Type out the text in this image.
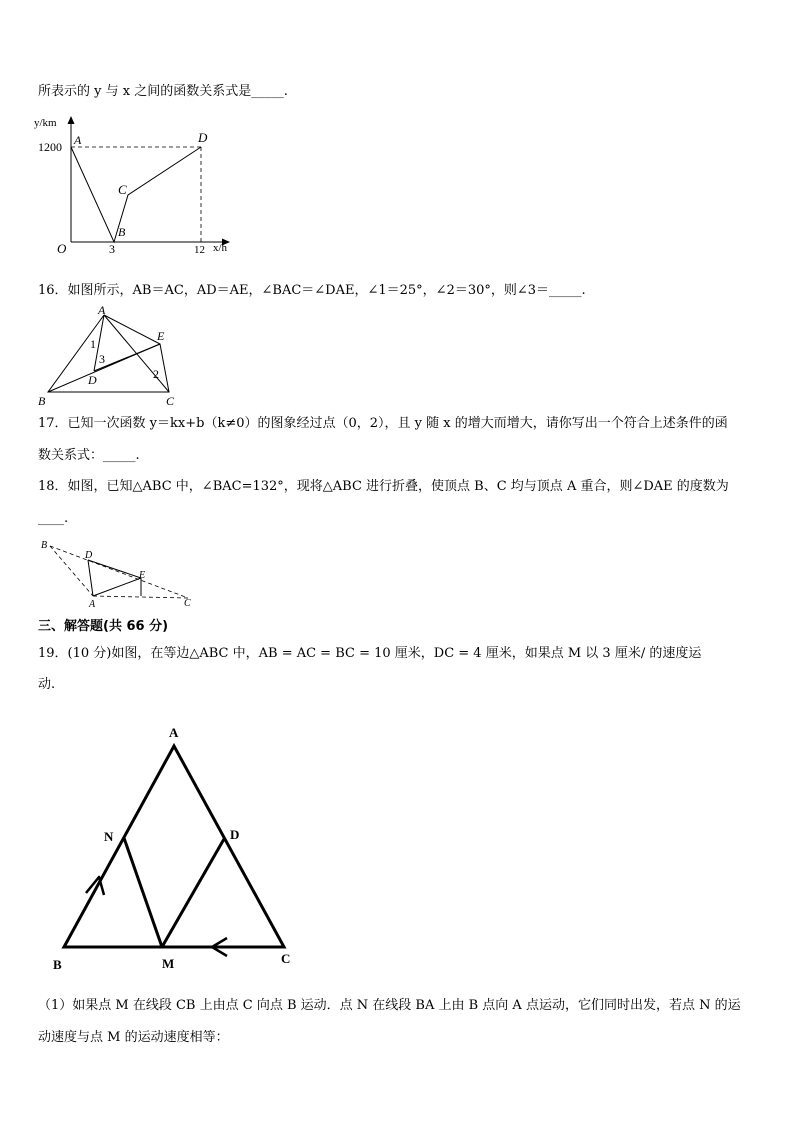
所表示的 y 与 x 之间的函数关系式是_____.
y/km
1200
O	3	12 x/h
A
B
C
D
16．如图所示，AB＝AC，AD＝AE，∠BAC＝∠DAE，∠1＝25°，∠2＝30°，则∠3＝_____.
A
E
1
3
D	2
B	C
17．已知一次函数 y＝kx+b（k≠0）的图象经过点（0，2），且 y 随 x 的增大而增大，请你写出一个符合上述条件的函
数关系式：_____.
18．如图，已知△ABC 中，∠BAC=132°，现将△ABC 进行折叠，使顶点 B、C 均与顶点 A 重合，则∠DAE 的度数为
____.
B
D
E
A	C
三、解答题(共 66 分)
19．(10 分)如图，在等边△ABC 中，AB = AC = BC = 10 厘米，DC = 4 厘米，如果点 M 以 3 厘米/ 的速度运
动.
A
N	D
B	M	C
（1）如果点 M 在线段 CB 上由点 C 向点 B 运动．点 N 在线段 BA 上由 B 点向 A 点运动，它们同时出发，若点 N 的运
动速度与点 M 的运动速度相等：
